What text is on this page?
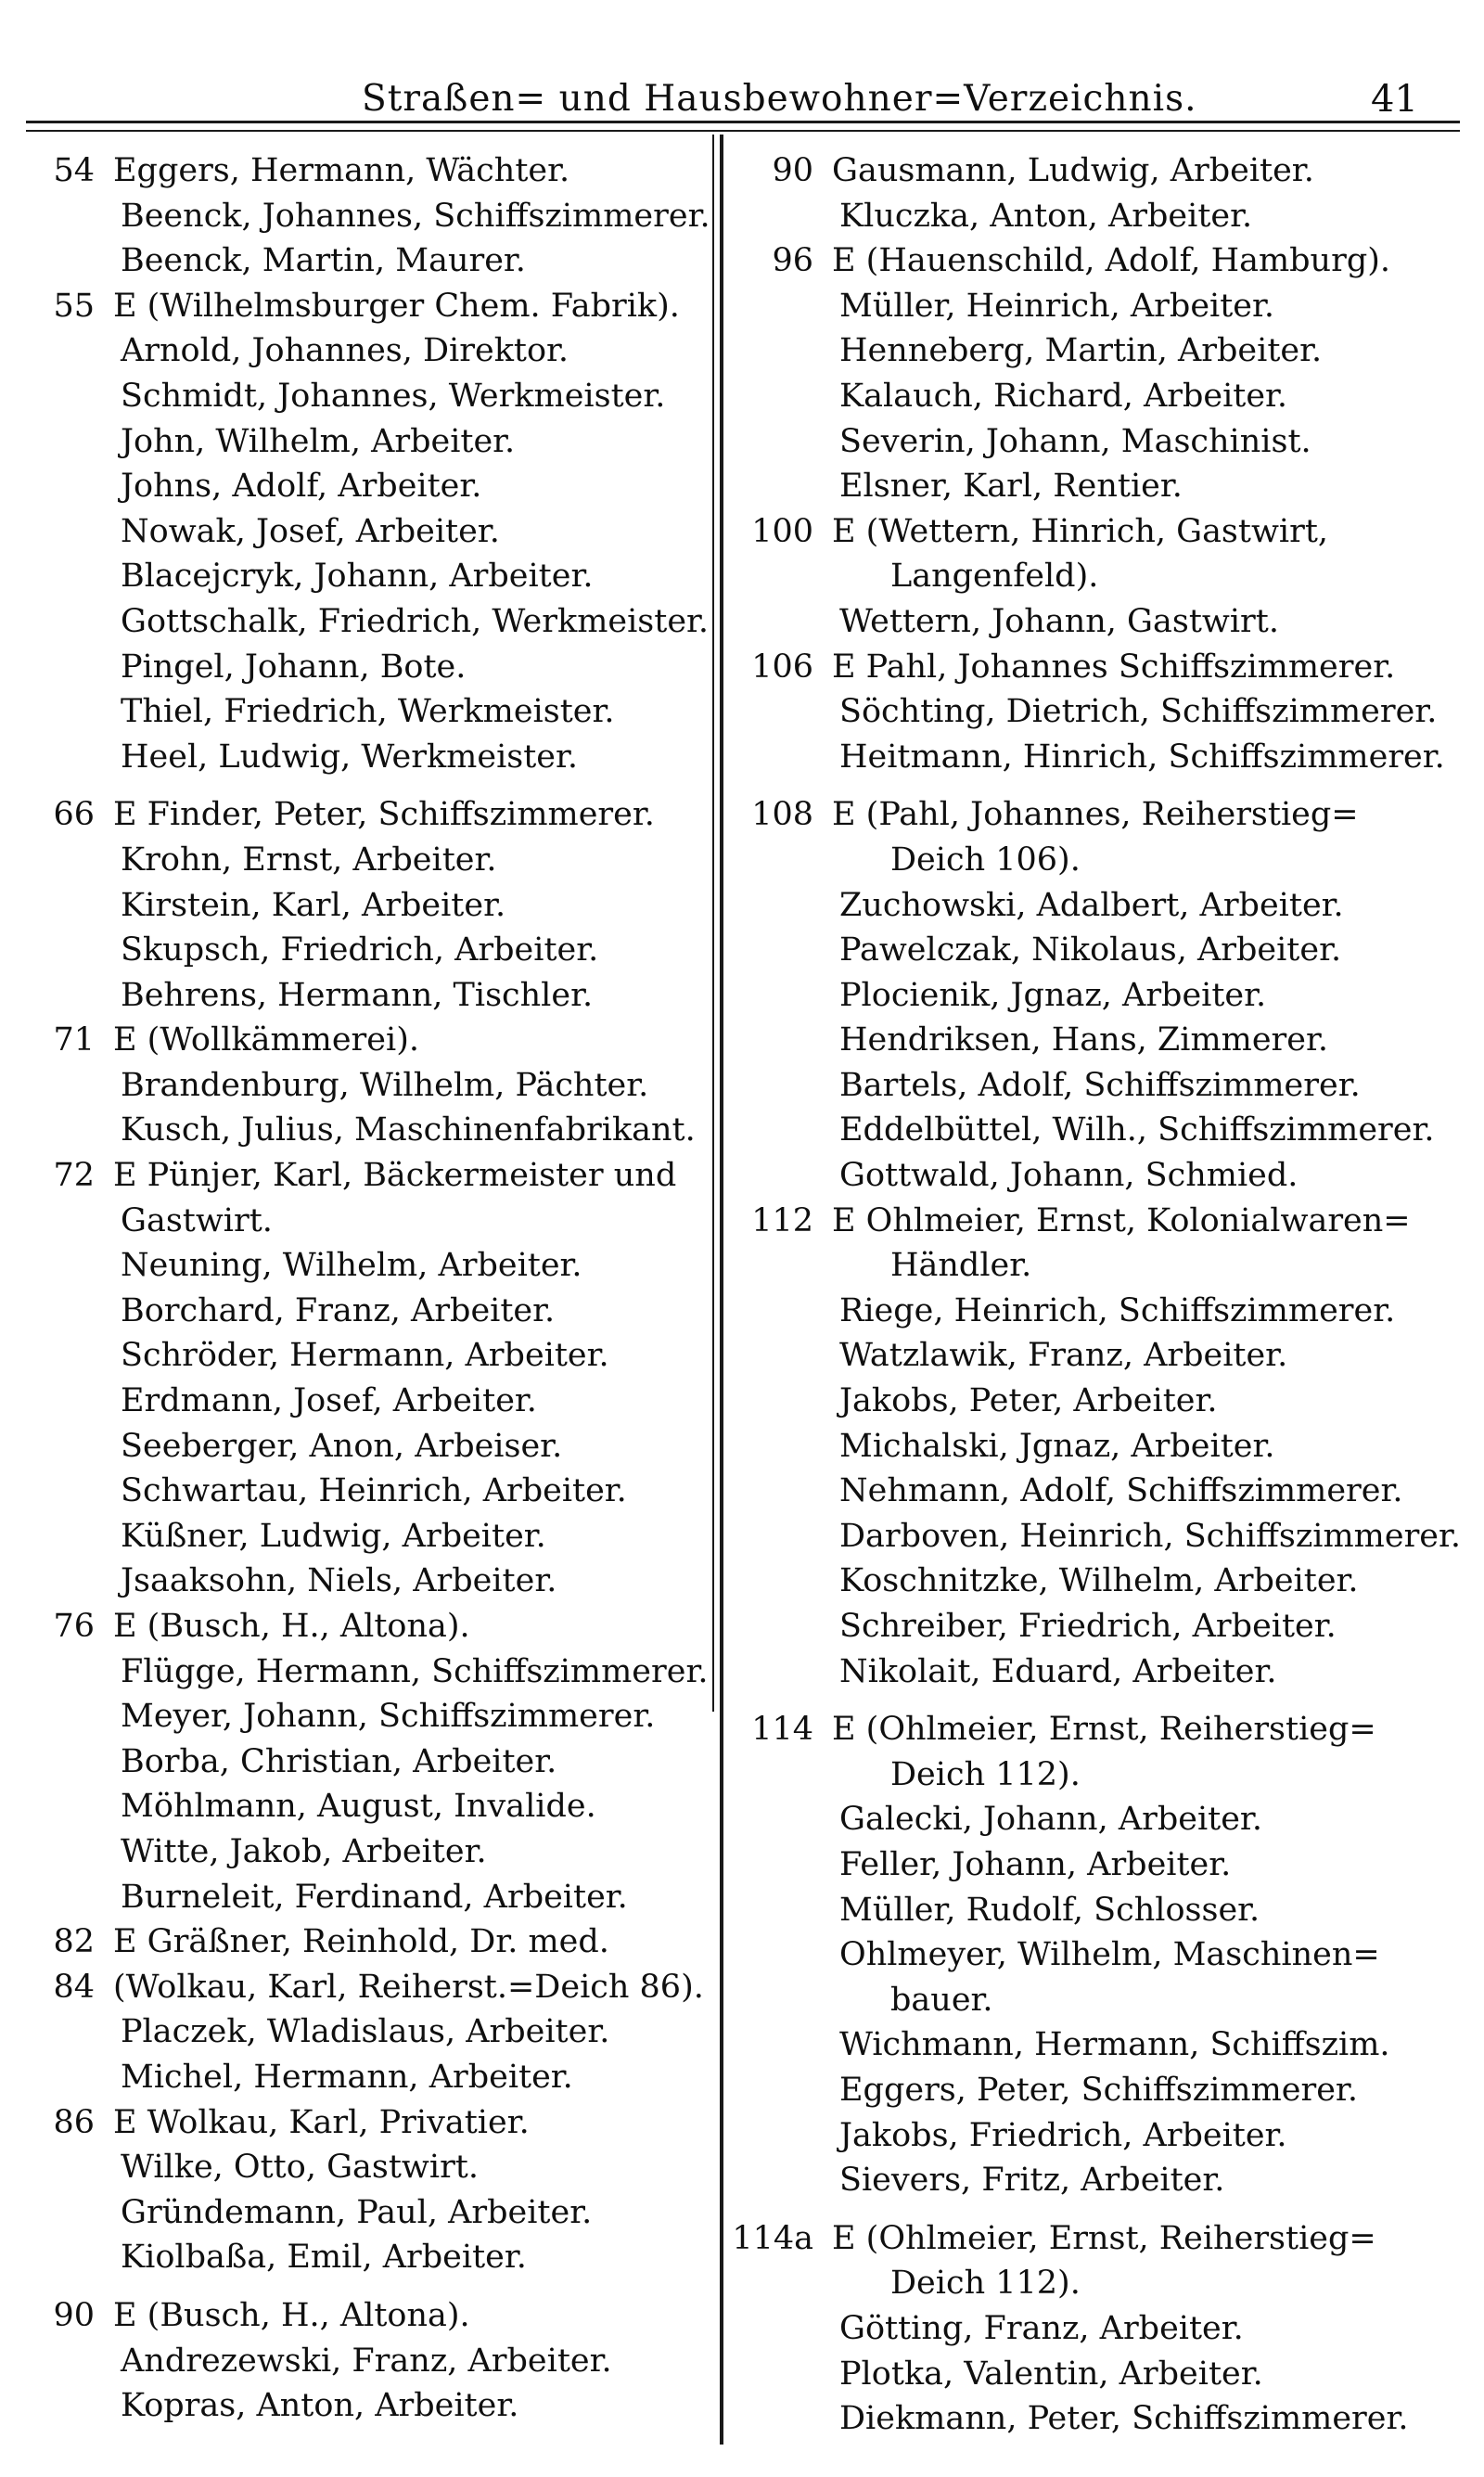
Straßen= und Hausbewohner=Verzeichnis.	41
54 Eggers, Hermann, Wächter.
Beenck, Johannes, Schiffszimmerer.
Beenck, Martin, Maurer.
55 E (Wilhelmsburger Chem. Fabrik).
Arnold, Johannes, Direktor.
Schmidt, Johannes, Werkmeister.
John, Wilhelm, Arbeiter.
Johns, Adolf, Arbeiter.
Nowak, Josef, Arbeiter.
Blacejcryk, Johann, Arbeiter.
Gottschalk, Friedrich, Werkmeister.
Pingel, Johann, Bote.
Thiel, Friedrich, Werkmeister.
Heel, Ludwig, Werkmeister.
66 E Finder, Peter, Schiffszimmerer.
Krohn, Ernst, Arbeiter.
Kirstein, Karl, Arbeiter.
Skupsch, Friedrich, Arbeiter.
Behrens, Hermann, Tischler.
71 E (Wollkämmerei).
Brandenburg, Wilhelm, Pächter.
Kusch, Julius, Maschinenfabrikant.
72 E Pünjer, Karl, Bäckermeister und
Gastwirt.
Neuning, Wilhelm, Arbeiter.
Borchard, Franz, Arbeiter.
Schröder, Hermann, Arbeiter.
Erdmann, Josef, Arbeiter.
Seeberger, Anon, Arbeiser.
Schwartau, Heinrich, Arbeiter.
Küßner, Ludwig, Arbeiter.
Jsaaksohn, Niels, Arbeiter.
76 E (Busch, H., Altona).
Flügge, Hermann, Schiffszimmerer.
Meyer, Johann, Schiffszimmerer.
Borba, Christian, Arbeiter.
Möhlmann, August, Invalide.
Witte, Jakob, Arbeiter.
Burneleit, Ferdinand, Arbeiter.
82 E Gräßner, Reinhold, Dr. med.
84 (Wolkau, Karl, Reiherst.=Deich 86).
Placzek, Wladislaus, Arbeiter.
Michel, Hermann, Arbeiter.
86 E Wolkau, Karl, Privatier.
Wilke, Otto, Gastwirt.
Gründemann, Paul, Arbeiter.
Kiolbaßa, Emil, Arbeiter.
90 E (Busch, H., Altona).
Andrezewski, Franz, Arbeiter.
Kopras, Anton, Arbeiter.
90 Gausmann, Ludwig, Arbeiter.
Kluczka, Anton, Arbeiter.
96 E (Hauenschild, Adolf, Hamburg).
Müller, Heinrich, Arbeiter.
Henneberg, Martin, Arbeiter.
Kalauch, Richard, Arbeiter.
Severin, Johann, Maschinist.
Elsner, Karl, Rentier.
100 E (Wettern, Hinrich, Gastwirt,
Langenfeld).
Wettern, Johann, Gastwirt.
106 E Pahl, Johannes Schiffszimmerer.
Söchting, Dietrich, Schiffszimmerer.
Heitmann, Hinrich, Schiffszimmerer.
108 E (Pahl, Johannes, Reiherstieg=
Deich 106).
Zuchowski, Adalbert, Arbeiter.
Pawelczak, Nikolaus, Arbeiter.
Plocienik, Jgnaz, Arbeiter.
Hendriksen, Hans, Zimmerer.
Bartels, Adolf, Schiffszimmerer.
Eddelbüttel, Wilh., Schiffszimmerer.
Gottwald, Johann, Schmied.
112 E Ohlmeier, Ernst, Kolonialwaren=
Händler.
Riege, Heinrich, Schiffszimmerer.
Watzlawik, Franz, Arbeiter.
Jakobs, Peter, Arbeiter.
Michalski, Jgnaz, Arbeiter.
Nehmann, Adolf, Schiffszimmerer.
Darboven, Heinrich, Schiffszimmerer.
Koschnitzke, Wilhelm, Arbeiter.
Schreiber, Friedrich, Arbeiter.
Nikolait, Eduard, Arbeiter.
114 E (Ohlmeier, Ernst, Reiherstieg=
Deich 112).
Galecki, Johann, Arbeiter.
Feller, Johann, Arbeiter.
Müller, Rudolf, Schlosser.
Ohlmeyer, Wilhelm, Maschinen=
bauer.
Wichmann, Hermann, Schiffszim.
Eggers, Peter, Schiffszimmerer.
Jakobs, Friedrich, Arbeiter.
Sievers, Fritz, Arbeiter.
114a E (Ohlmeier, Ernst, Reiherstieg=
Deich 112).
Götting, Franz, Arbeiter.
Plotka, Valentin, Arbeiter.
Diekmann, Peter, Schiffszimmerer.
